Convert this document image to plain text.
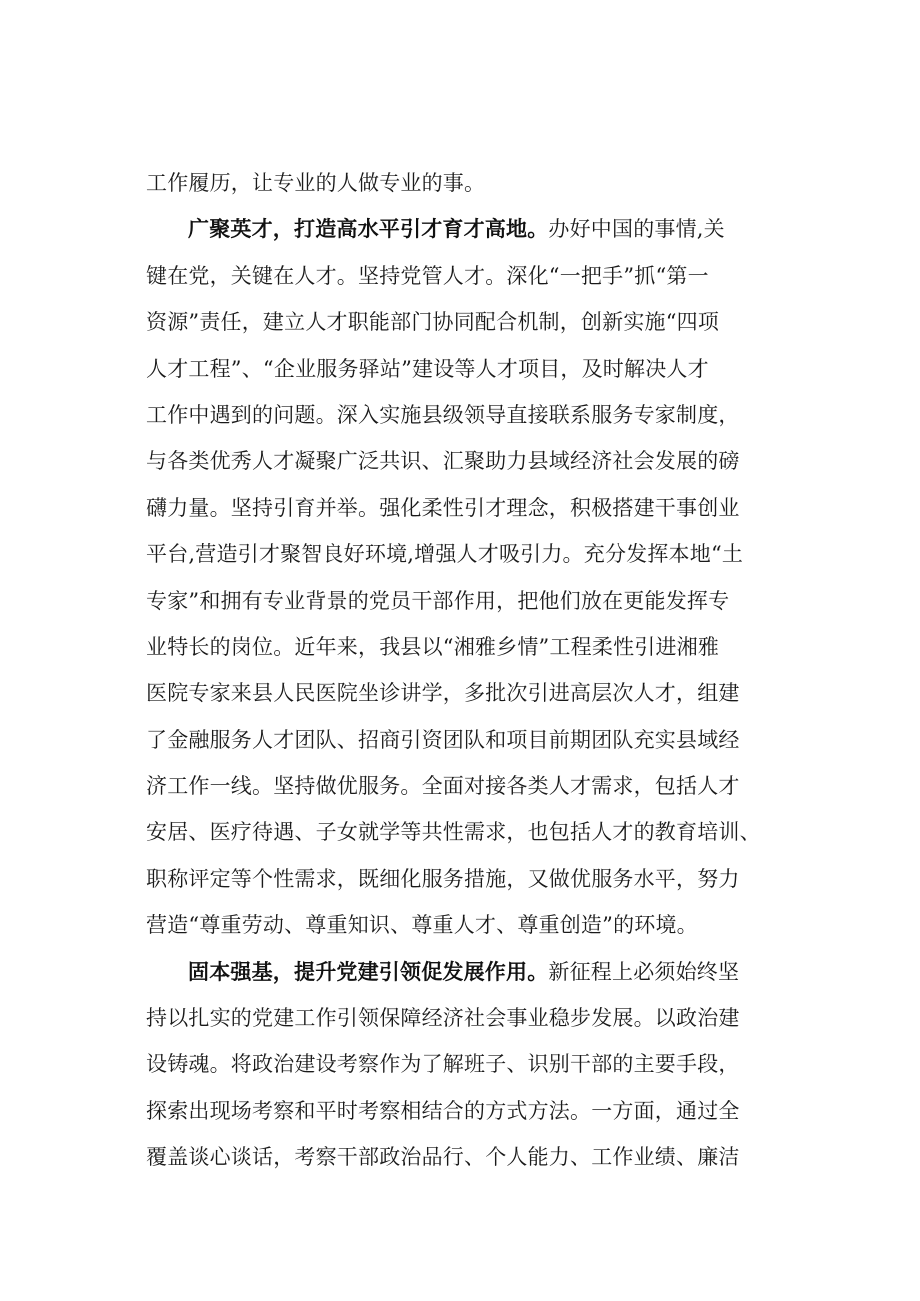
工作履历，让专业的人做专业的事。
广聚英才，打造高水平引才育才高地。办好中国的事情,关
键在党，关键在人才。坚持党管人才。深化“一把手”抓“第一
资源”责任，建立人才职能部门协同配合机制，创新实施“四项
人才工程”、“企业服务驿站”建设等人才项目，及时解决人才
工作中遇到的问题。深入实施县级领导直接联系服务专家制度，
与各类优秀人才凝聚广泛共识、汇聚助力县域经济社会发展的磅
礴力量。坚持引育并举。强化柔性引才理念，积极搭建干事创业
平台,营造引才聚智良好环境,增强人才吸引力。充分发挥本地“土
专家”和拥有专业背景的党员干部作用，把他们放在更能发挥专
业特长的岗位。近年来，我县以“湘雅乡情”工程柔性引进湘雅
医院专家来县人民医院坐诊讲学，多批次引进高层次人才，组建
了金融服务人才团队、招商引资团队和项目前期团队充实县域经
济工作一线。坚持做优服务。全面对接各类人才需求，包括人才
安居、医疗待遇、子女就学等共性需求，也包括人才的教育培训、
职称评定等个性需求，既细化服务措施，又做优服务水平，努力
营造“尊重劳动、尊重知识、尊重人才、尊重创造”的环境。
固本强基，提升党建引领促发展作用。新征程上必须始终坚
持以扎实的党建工作引领保障经济社会事业稳步发展。以政治建
设铸魂。将政治建设考察作为了解班子、识别干部的主要手段，
探索出现场考察和平时考察相结合的方式方法。一方面，通过全
覆盖谈心谈话，考察干部政治品行、个人能力、工作业绩、廉洁
